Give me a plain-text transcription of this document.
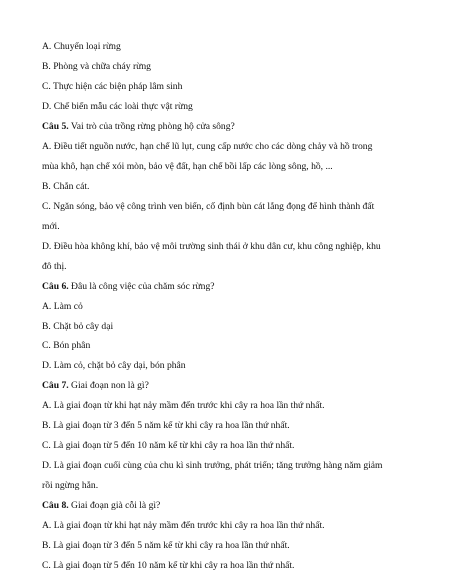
A. Chuyển loại rừng
B. Phòng và chữa cháy rừng
C. Thực hiện các biện pháp lâm sinh
D. Chế biến mẫu các loài thực vật rừng
Câu 5. Vai trò của trồng rừng phòng hộ cửa sông?
A. Điều tiết nguồn nước, hạn chế lũ lụt, cung cấp nước cho các dòng chảy và hồ trong
mùa khô, hạn chế xói mòn, bảo vệ đất, hạn chế bồi lấp các lòng sông, hồ, ...
B. Chắn cát.
C. Ngăn sóng, bảo vệ công trình ven biển, cố định bùn cát lắng đọng để hình thành đất
mới.
D. Điều hòa không khí, bảo vệ môi trường sinh thái ở khu dân cư, khu công nghiệp, khu
đô thị.
Câu 6. Đâu là công việc của chăm sóc rừng?
A. Làm cỏ
B. Chặt bỏ cây dại
C. Bón phân
D. Làm cỏ, chặt bỏ cây dại, bón phân
Câu 7. Giai đoạn non là gì?
A. Là giai đoạn từ khi hạt nảy mầm đến trước khi cây ra hoa lần thứ nhất.
B. Là giai đoạn từ 3 đến 5 năm kể từ khi cây ra hoa lần thứ nhất.
C. Là giai đoạn từ 5 đến 10 năm kể từ khi cây ra hoa lần thứ nhất.
D. Là giai đoạn cuối cùng của chu kì sinh trưởng, phát triển; tăng trưởng hàng năm giảm
rồi ngừng hẳn.
Câu 8. Giai đoạn già cỗi là gì?
A. Là giai đoạn từ khi hạt nảy mầm đến trước khi cây ra hoa lần thứ nhất.
B. Là giai đoạn từ 3 đến 5 năm kể từ khi cây ra hoa lần thứ nhất.
C. Là giai đoạn từ 5 đến 10 năm kể từ khi cây ra hoa lần thứ nhất.
